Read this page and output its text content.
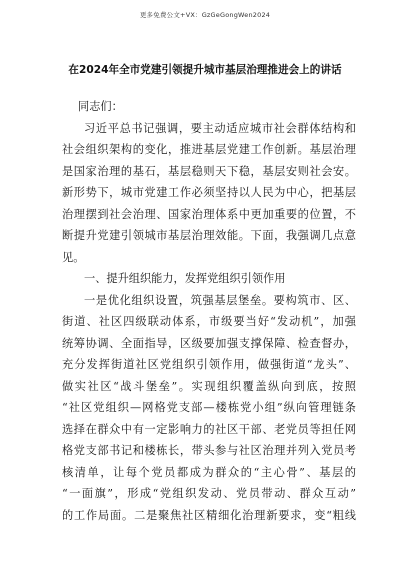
更多免费公文+VX：GzGeGongWen2024
在2024年全市党建引领提升城市基层治理推进会上的讲话
同志们：
习近平总书记强调，要主动适应城市社会群体结构和
社会组织架构的变化，推进基层党建工作创新。基层治理
是国家治理的基石，基层稳则天下稳，基层安则社会安。
新形势下，城市党建工作必须坚持以人民为中心，把基层
治理摆到社会治理、国家治理体系中更加重要的位置，不
断提升党建引领城市基层治理效能。下面，我强调几点意
见。
一、提升组织能力，发挥党组织引领作用
一是优化组织设置，筑强基层堡垒。要构筑市、区、
街道、社区四级联动体系，市级要当好“发动机”，加强
统筹协调、全面指导，区级要加强支撑保障、检查督办，
充分发挥街道社区党组织引领作用，做强街道“龙头”、
做实社区“战斗堡垒”。实现组织覆盖纵向到底，按照
“社区党组织—网格党支部—楼栋党小组”纵向管理链条
选择在群众中有一定影响力的社区干部、老党员等担任网
格党支部书记和楼栋长，带头参与社区治理并列入党员考
核清单，让每个党员都成为群众的“主心骨”、基层的
“一面旗”，形成“党组织发动、党员带动、群众互动”
的工作局面。二是聚焦社区精细化治理新要求，变“粗线
